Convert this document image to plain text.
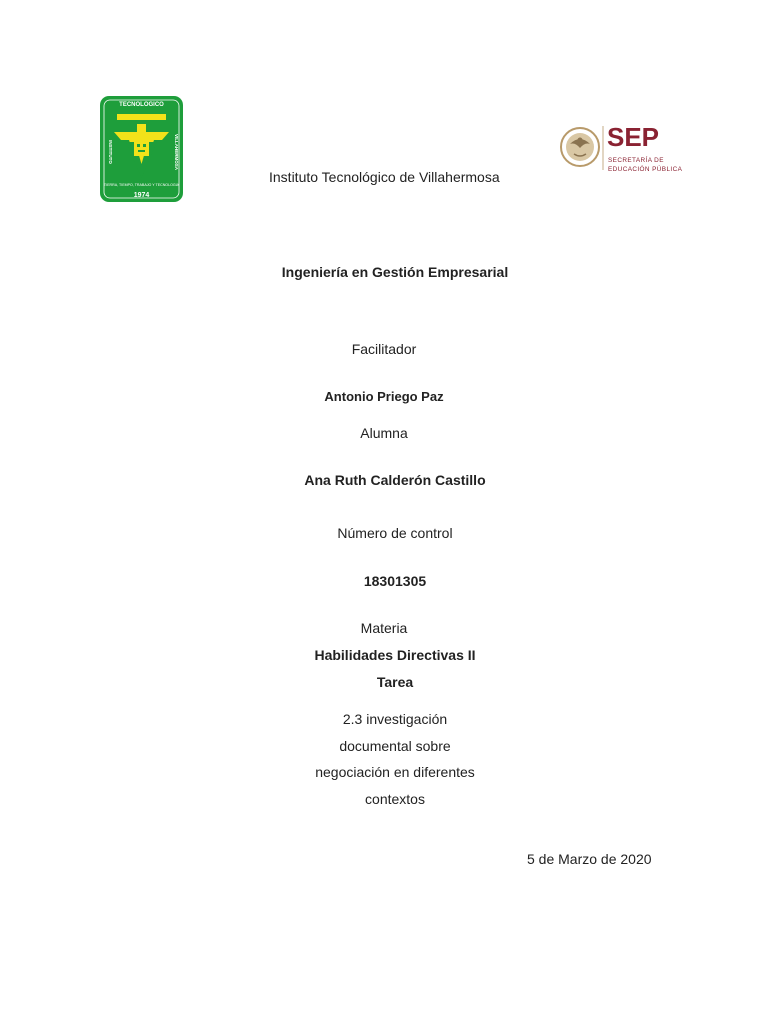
TECNOLOGICO
INSTITUTO	VILLAHERMOSA
TIERRA, TIEMPO, TRABAJO Y TECNOLOGIA
1974
SEP
SECRETARÍA DE
EDUCACIÓN PÚBLICA
Instituto Tecnológico de Villahermosa
Ingeniería en Gestión Empresarial
Facilitador
Antonio Priego Paz
Alumna
Ana Ruth Calderón Castillo
Número de control
18301305
Materia
Habilidades Directivas II
Tarea
2.3 investigación
documental sobre
negociación en diferentes
contextos
5 de Marzo de 2020
